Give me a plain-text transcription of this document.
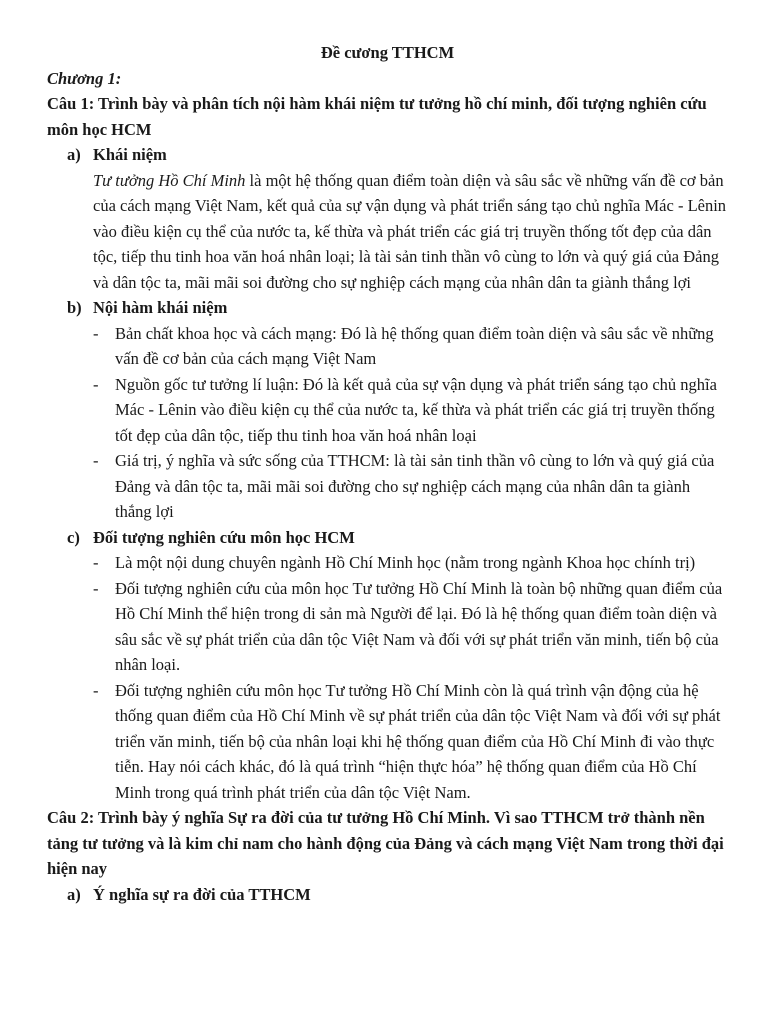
Đề cương TTHCM

Chương 1:

Câu 1: Trình bày và phân tích nội hàm khái niệm tư tưởng hồ chí minh, đối tượng nghiên cứu môn học HCM

a) Khái niệm

Tư tưởng Hồ Chí Minh là một hệ thống quan điểm toàn diện và sâu sắc về những vấn đề cơ bản của cách mạng Việt Nam, kết quả của sự vận dụng và phát triển sáng tạo chủ nghĩa Mác - Lênin vào điều kiện cụ thể của nước ta, kế thừa và phát triển các giá trị truyền thống tốt đẹp của dân tộc, tiếp thu tinh hoa văn hoá nhân loại; là tài sản tinh thần vô cùng to lớn và quý giá của Đảng và dân tộc ta, mãi mãi soi đường cho sự nghiệp cách mạng của nhân dân ta giành thắng lợi

b) Nội hàm khái niệm
-	Bản chất khoa học và cách mạng: Đó là hệ thống quan điểm toàn diện và sâu sắc về những vấn đề cơ bản của cách mạng Việt Nam
-	Nguồn gốc tư tưởng lí luận: Đó là kết quả của sự vận dụng và phát triển sáng tạo chủ nghĩa Mác - Lênin vào điều kiện cụ thể của nước ta, kế thừa và phát triển các giá trị truyền thống tốt đẹp của dân tộc, tiếp thu tinh hoa văn hoá nhân loại
-	Giá trị, ý nghĩa và sức sống của TTHCM: là tài sản tinh thần vô cùng to lớn và quý giá của Đảng và dân tộc ta, mãi mãi soi đường cho sự nghiệp cách mạng của nhân dân ta giành thắng lợi
c) Đối tượng nghiên cứu môn học HCM
-	Là một nội dung chuyên ngành Hồ Chí Minh học (nằm trong ngành Khoa học chính trị)
-	Đối tượng nghiên cứu của môn học Tư tưởng Hồ Chí Minh là toàn bộ những quan điểm của Hồ Chí Minh thể hiện trong di sản mà Người để lại. Đó là hệ thống quan điểm toàn diện và sâu sắc về sự phát triển của dân tộc Việt Nam và đối với sự phát triển văn minh, tiến bộ của nhân loại.
-	Đối tượng nghiên cứu môn học Tư tưởng Hồ Chí Minh còn là quá trình vận động của hệ thống quan điểm của Hồ Chí Minh về sự phát triển của dân tộc Việt Nam và đối với sự phát triển văn minh, tiến bộ của nhân loại khi hệ thống quan điểm của Hồ Chí Minh đi vào thực tiễn. Hay nói cách khác, đó là quá trình “hiện thực hóa” hệ thống quan điểm của Hồ Chí Minh trong quá trình phát triển của dân tộc Việt Nam.

Câu 2: Trình bày ý nghĩa Sự ra đời của tư tưởng Hồ Chí Minh. Vì sao TTHCM trở thành nền tảng tư tưởng và là kim chỉ nam cho hành động của Đảng và cách mạng Việt Nam trong thời đại hiện nay

a) Ý nghĩa sự ra đời của TTHCM
